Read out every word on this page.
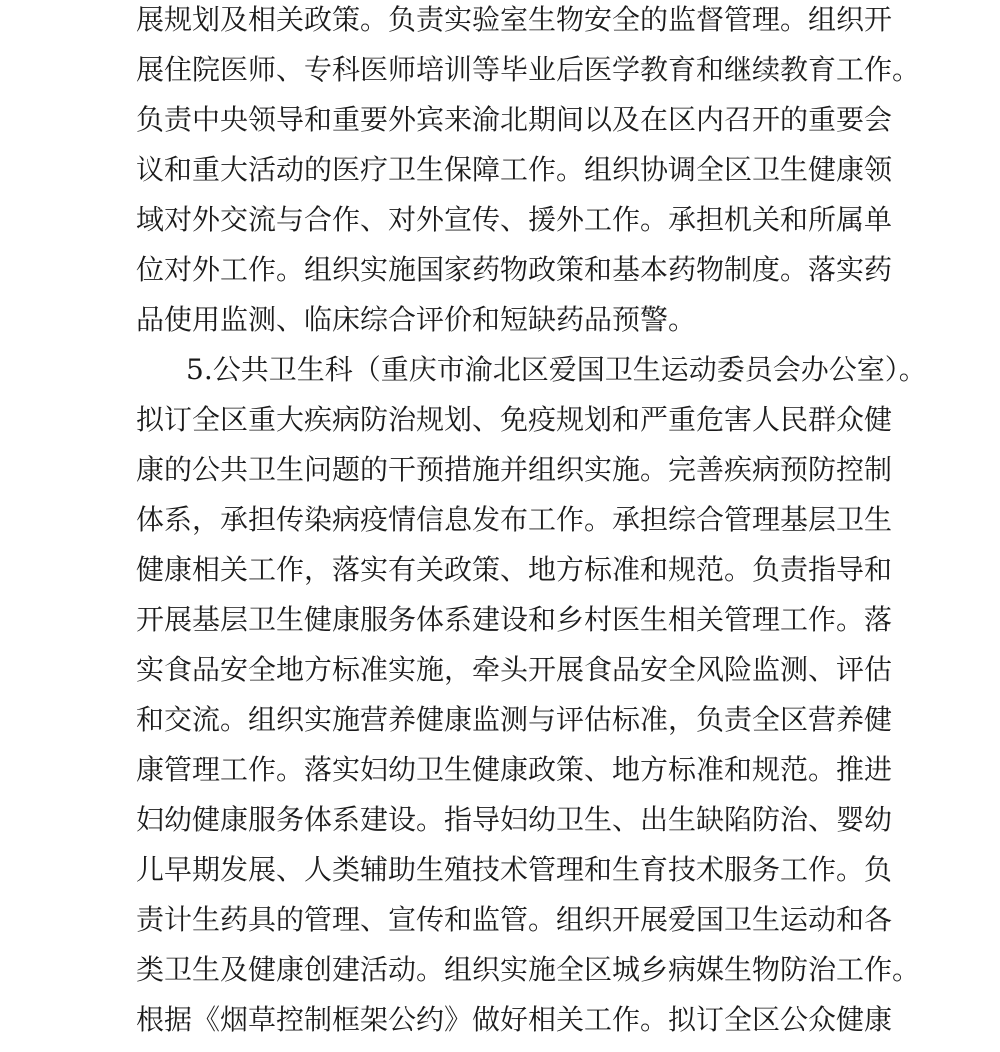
展规划及相关政策。负责实验室生物安全的监督管理。组织开
展住院医师、专科医师培训等毕业后医学教育和继续教育工作。
负责中央领导和重要外宾来渝北期间以及在区内召开的重要会
议和重大活动的医疗卫生保障工作。组织协调全区卫生健康领
域对外交流与合作、对外宣传、援外工作。承担机关和所属单
位对外工作。组织实施国家药物政策和基本药物制度。落实药
品使用监测、临床综合评价和短缺药品预警。
5.公共卫生科（重庆市渝北区爱国卫生运动委员会办公室）。
拟订全区重大疾病防治规划、免疫规划和严重危害人民群众健
康的公共卫生问题的干预措施并组织实施。完善疾病预防控制
体系，承担传染病疫情信息发布工作。承担综合管理基层卫生
健康相关工作，落实有关政策、地方标准和规范。负责指导和
开展基层卫生健康服务体系建设和乡村医生相关管理工作。落
实食品安全地方标准实施，牵头开展食品安全风险监测、评估
和交流。组织实施营养健康监测与评估标准，负责全区营养健
康管理工作。落实妇幼卫生健康政策、地方标准和规范。推进
妇幼健康服务体系建设。指导妇幼卫生、出生缺陷防治、婴幼
儿早期发展、人类辅助生殖技术管理和生育技术服务工作。负
责计生药具的管理、宣传和监管。组织开展爱国卫生运动和各
类卫生及健康创建活动。组织实施全区城乡病媒生物防治工作。
根据《烟草控制框架公约》做好相关工作。拟订全区公众健康
